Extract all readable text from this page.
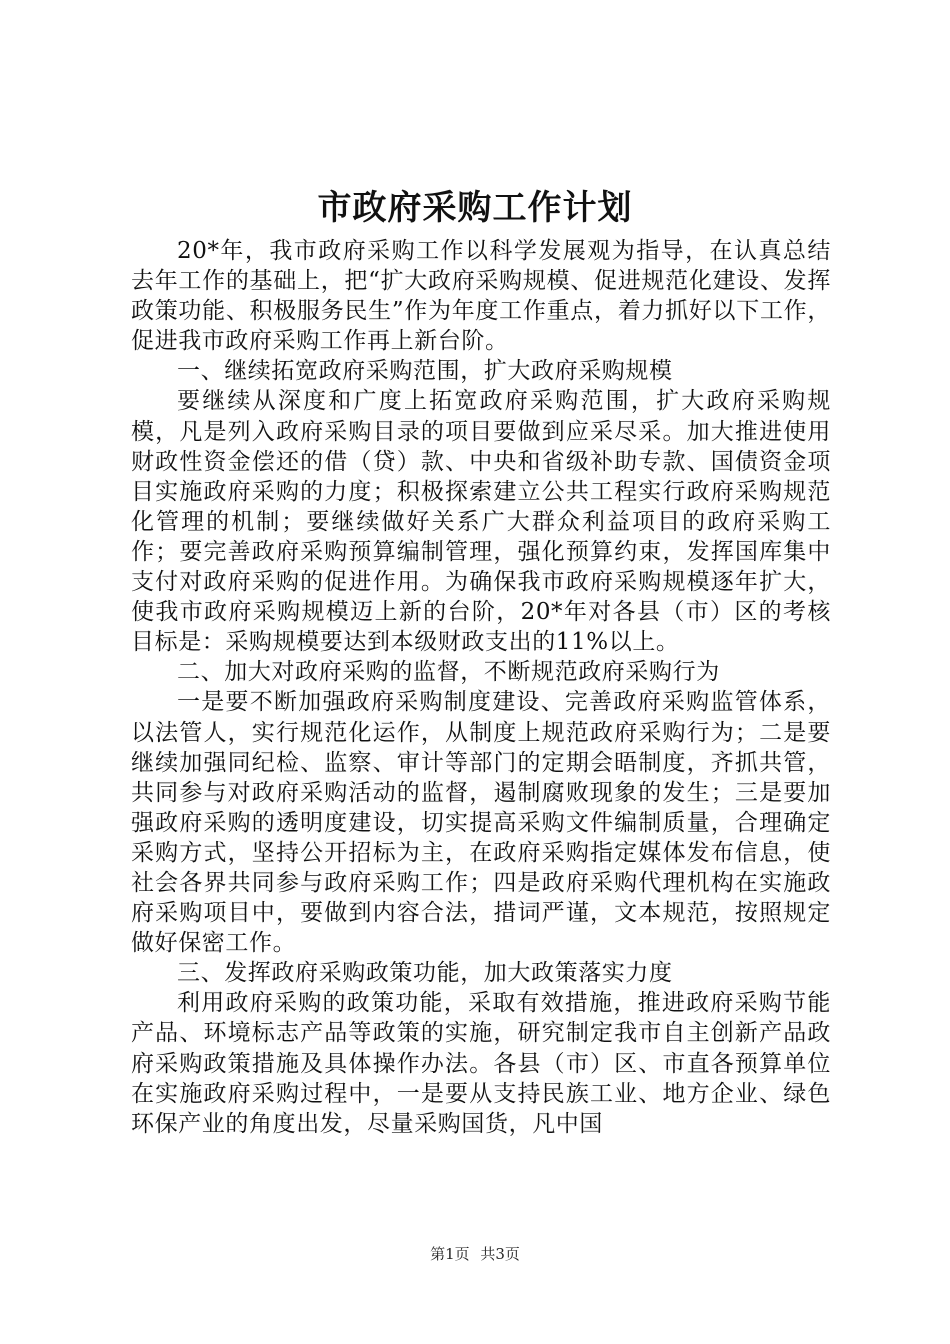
市政府采购工作计划

20*年，我市政府采购工作以科学发展观为指导，在认真总结去年工作的基础上，把“扩大政府采购规模、促进规范化建设、发挥政策功能、积极服务民生”作为年度工作重点，着力抓好以下工作，促进我市政府采购工作再上新台阶。

一、继续拓宽政府采购范围，扩大政府采购规模

要继续从深度和广度上拓宽政府采购范围，扩大政府采购规模，凡是列入政府采购目录的项目要做到应采尽采。加大推进使用财政性资金偿还的借（贷）款、中央和省级补助专款、国债资金项目实施政府采购的力度；积极探索建立公共工程实行政府采购规范化管理的机制；要继续做好关系广大群众利益项目的政府采购工作；要完善政府采购预算编制管理，强化预算约束，发挥国库集中支付对政府采购的促进作用。为确保我市政府采购规模逐年扩大，使我市政府采购规模迈上新的台阶，20*年对各县（市）区的考核目标是：采购规模要达到本级财政支出的11%以上。

二、加大对政府采购的监督，不断规范政府采购行为

一是要不断加强政府采购制度建设、完善政府采购监管体系，以法管人，实行规范化运作，从制度上规范政府采购行为；二是要继续加强同纪检、监察、审计等部门的定期会晤制度，齐抓共管，共同参与对政府采购活动的监督，遏制腐败现象的发生；三是要加强政府采购的透明度建设，切实提高采购文件编制质量，合理确定采购方式，坚持公开招标为主，在政府采购指定媒体发布信息，使社会各界共同参与政府采购工作；四是政府采购代理机构在实施政府采购项目中，要做到内容合法，措词严谨，文本规范，按照规定做好保密工作。

三、发挥政府采购政策功能，加大政策落实力度

利用政府采购的政策功能，采取有效措施，推进政府采购节能产品、环境标志产品等政策的实施，研究制定我市自主创新产品政府采购政策措施及具体操作办法。各县（市）区、市直各预算单位在实施政府采购过程中，一是要从支持民族工业、地方企业、绿色环保产业的角度出发，尽量采购国货，凡中国

第1页 共3页
